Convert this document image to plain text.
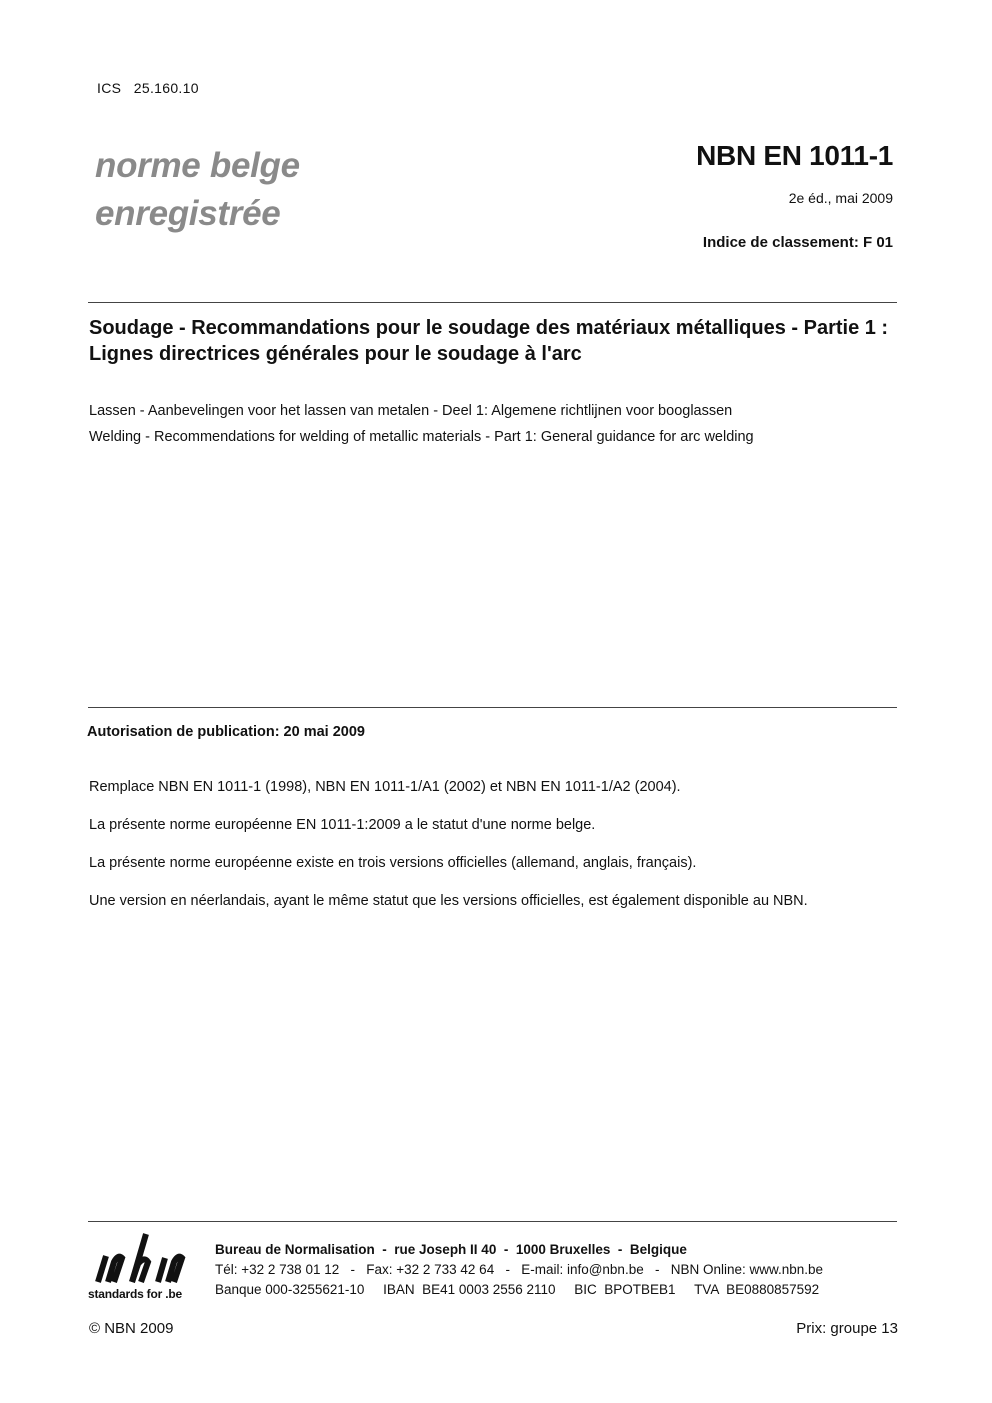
ICS   25.160.10
norme belge
enregistrée
NBN EN 1011-1
2e éd., mai 2009
Indice de classement: F 01
Soudage - Recommandations pour le soudage des matériaux métalliques - Partie 1 : Lignes directrices générales pour le soudage à l'arc
Lassen - Aanbevelingen voor het lassen van metalen - Deel 1: Algemene richtlijnen voor booglassen
Welding - Recommendations for welding of metallic materials - Part 1: General guidance for arc welding
Autorisation de publication: 20 mai 2009
Remplace NBN EN 1011-1 (1998), NBN EN 1011-1/A1 (2002) et NBN EN 1011-1/A2 (2004).
La présente norme européenne EN 1011-1:2009 a le statut d'une norme belge.
La présente norme européenne existe en trois versions officielles (allemand, anglais, français).
Une version en néerlandais, ayant le même statut que les versions officielles, est également disponible au NBN.
standards for .be
Bureau de Normalisation  -  rue Joseph II 40  -  1000 Bruxelles  -  Belgique
Tél: +32 2 738 01 12   -   Fax: +32 2 733 42 64   -   E-mail: info@nbn.be   -   NBN Online: www.nbn.be
Banque 000-3255621-10     IBAN  BE41 0003 2556 2110     BIC  BPOTBEB1     TVA  BE0880857592
© NBN 2009	Prix: groupe 13
